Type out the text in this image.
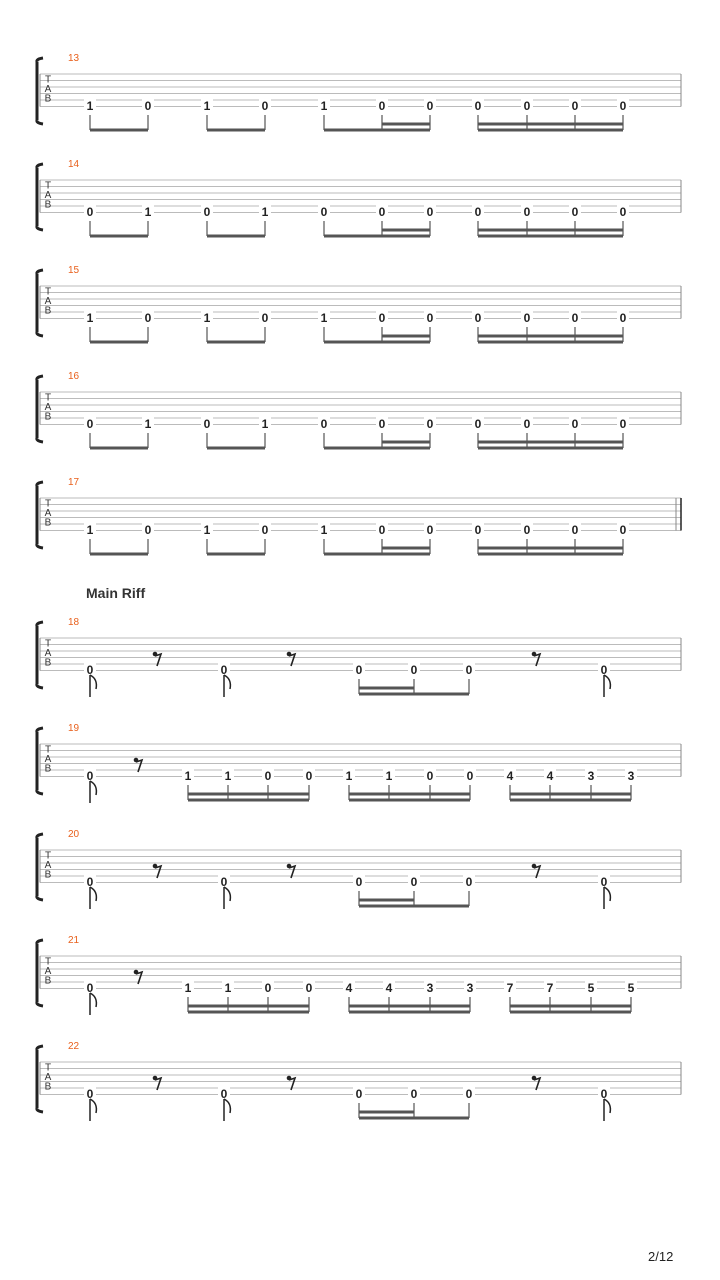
T
A
B
13
1	0	1	0	1	0	0	0	0	0	0
T
A
B
14
0	1	0	1	0	0	0	0	0	0	0
T
A
B
15
1	0	1	0	1	0	0	0	0	0	0
T
A
B
16
0	1	0	1	0	0	0	0	0	0	0
T
A
B
17
1	0	1	0	1	0	0	0	0	0	0
T
A
B
18
0	0	0	0	0	0
T
A
B
19
0	1	1	0	0	1	1	0	0	4	4	3	3
T
A
B
20
0	0	0	0	0	0
T
A
B
21
0	1	1	0	0	4	4	3	3	7	7	5	5
T
A
B
22
0	0	0	0	0	0
Main Riff
2/12
